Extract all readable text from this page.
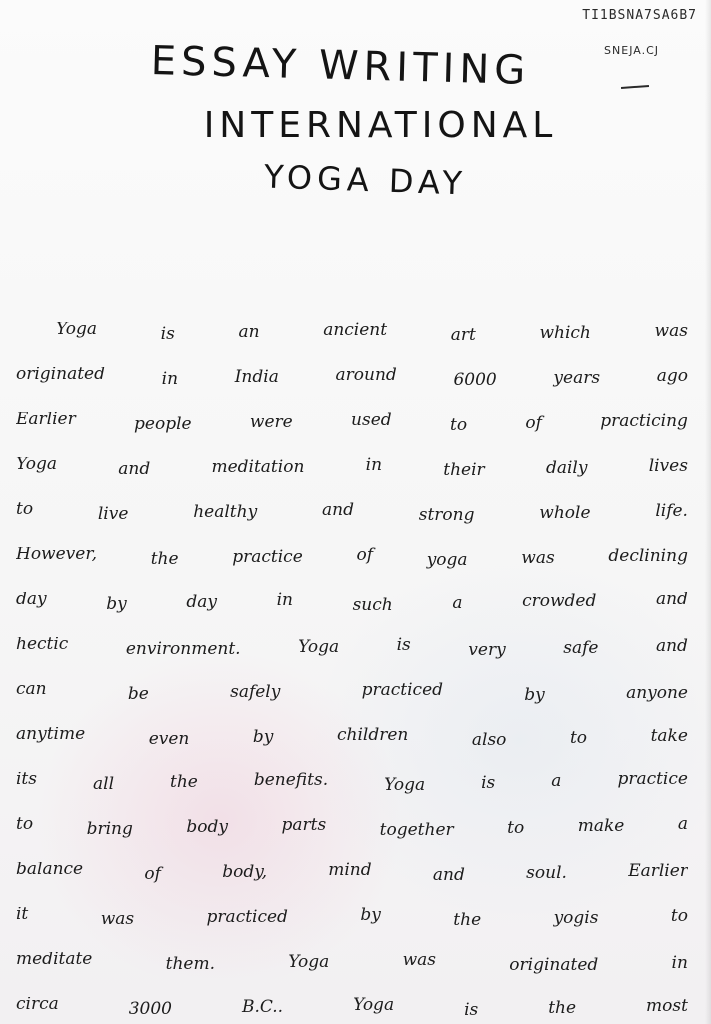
TI1BSNA7SA6B7
SNEJA.CJ
ESSAY WRITING
INTERNATIONAL
YOGA DAY
Yoga	is	an	ancient	art	which	was
originated	in	India	around	6000	years	ago
Earlier	people	were	used	to	of	practicing
Yoga	and	meditation	in	their	daily	lives
to	live	healthy	and	strong	whole	life.
However,	the	practice	of	yoga	was	declining
day	by	day	in	such	a	crowded	and
hectic	environment.	Yoga	is	very	safe	and
can	be	safely	practiced	by	anyone
anytime	even	by	children	also	to	take
its	all	the	benefits.	Yoga	is	a	practice
to	bring	body	parts	together	to	make	a
balance	of	body,	mind	and	soul.	Earlier
it	was	practiced	by	the	yogis	to
meditate	them.	Yoga	was	originated	in
circa	3000	B.C..	Yoga	is	the	most
